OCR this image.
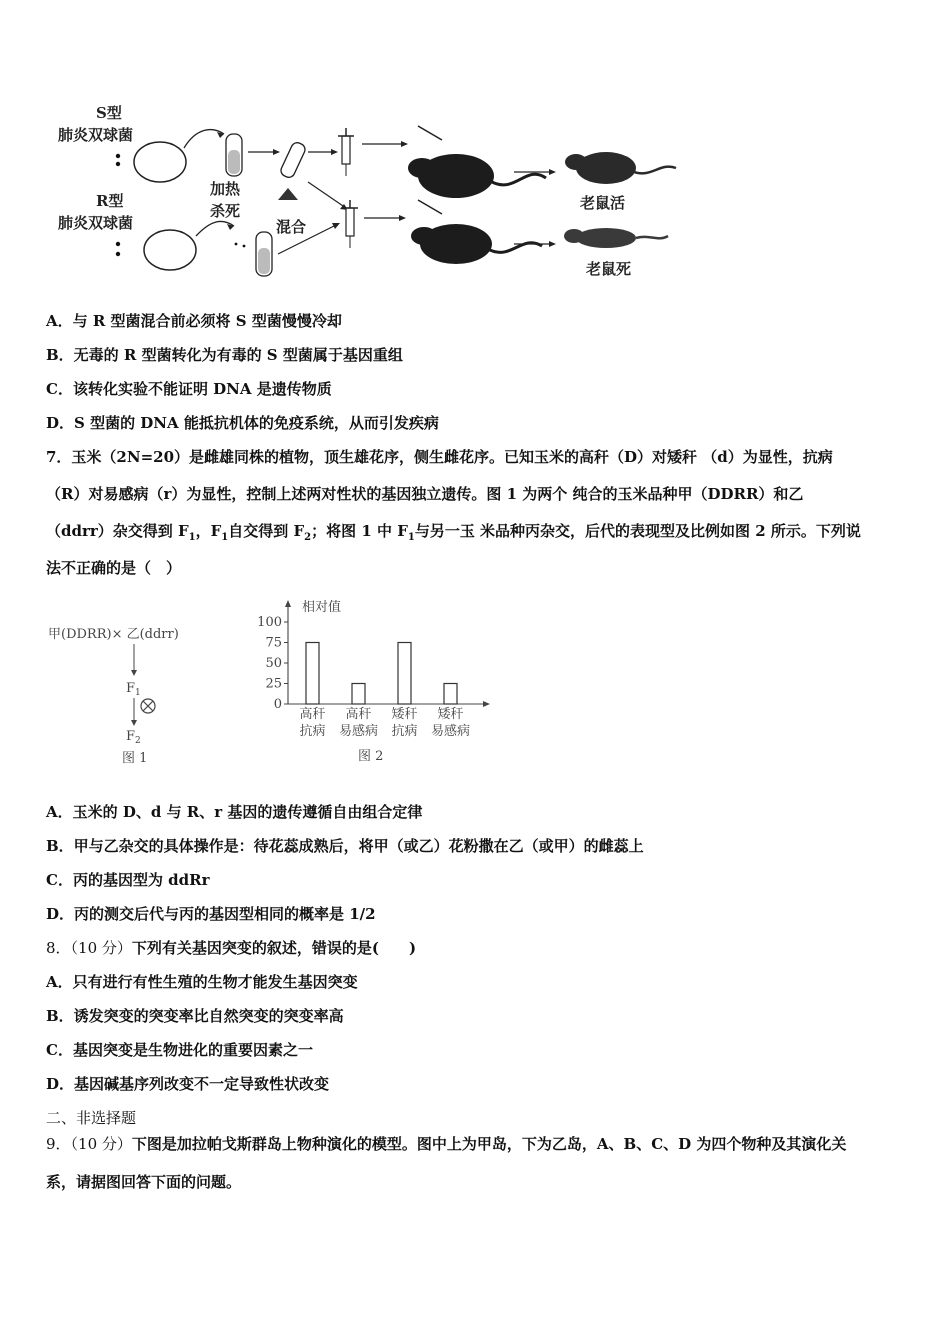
S型
肺炎双球菌
R型
肺炎双球菌
加热
杀死
混合
老鼠活
老鼠死
A．与 R 型菌混合前必须将 S 型菌慢慢冷却
B．无毒的 R 型菌转化为有毒的 S 型菌属于基因重组
C．该转化实验不能证明 DNA 是遗传物质
D．S 型菌的 DNA 能抵抗机体的免疫系统，从而引发疾病
7．玉米（2N=20）是雌雄同株的植物，顶生雄花序，侧生雌花序。已知玉米的高秆（D）对矮秆 （d）为显性，抗病
（R）对易感病（r）为显性，控制上述两对性状的基因独立遗传。图 1 为两个 纯合的玉米品种甲（DDRR）和乙
（ddrr）杂交得到 $F_1$，$F_1$自交得到 $F_2$；将图 1 中 $F_1$与另一玉 米品种丙杂交，后代的表现型及比例如图 2 所示。下列说
法不正确的是（　）
甲(DDRR)× 乙(ddrr)
$F_1$
$F_2$
图 1
相对值
0
25
50
75
100
高秆
抗病
高秆
易感病
矮秆
抗病
矮秆
易感病
图 2
A．玉米的 D、d 与 R、r 基因的遗传遵循自由组合定律
B．甲与乙杂交的具体操作是：待花蕊成熟后，将甲（或乙）花粉撒在乙（或甲）的雌蕊上
C．丙的基因型为 ddRr
D．丙的测交后代与丙的基因型相同的概率是 1/2
8．（10 分）下列有关基因突变的叙述，错误的是(　　)
A．只有进行有性生殖的生物才能发生基因突变
B．诱发突变的突变率比自然突变的突变率高
C．基因突变是生物进化的重要因素之一
D．基因碱基序列改变不一定导致性状改变
二、非选择题
9．（10 分）下图是加拉帕戈斯群岛上物种演化的模型。图中上为甲岛，下为乙岛，A、B、C、D 为四个物种及其演化关
系，请据图回答下面的问题。
